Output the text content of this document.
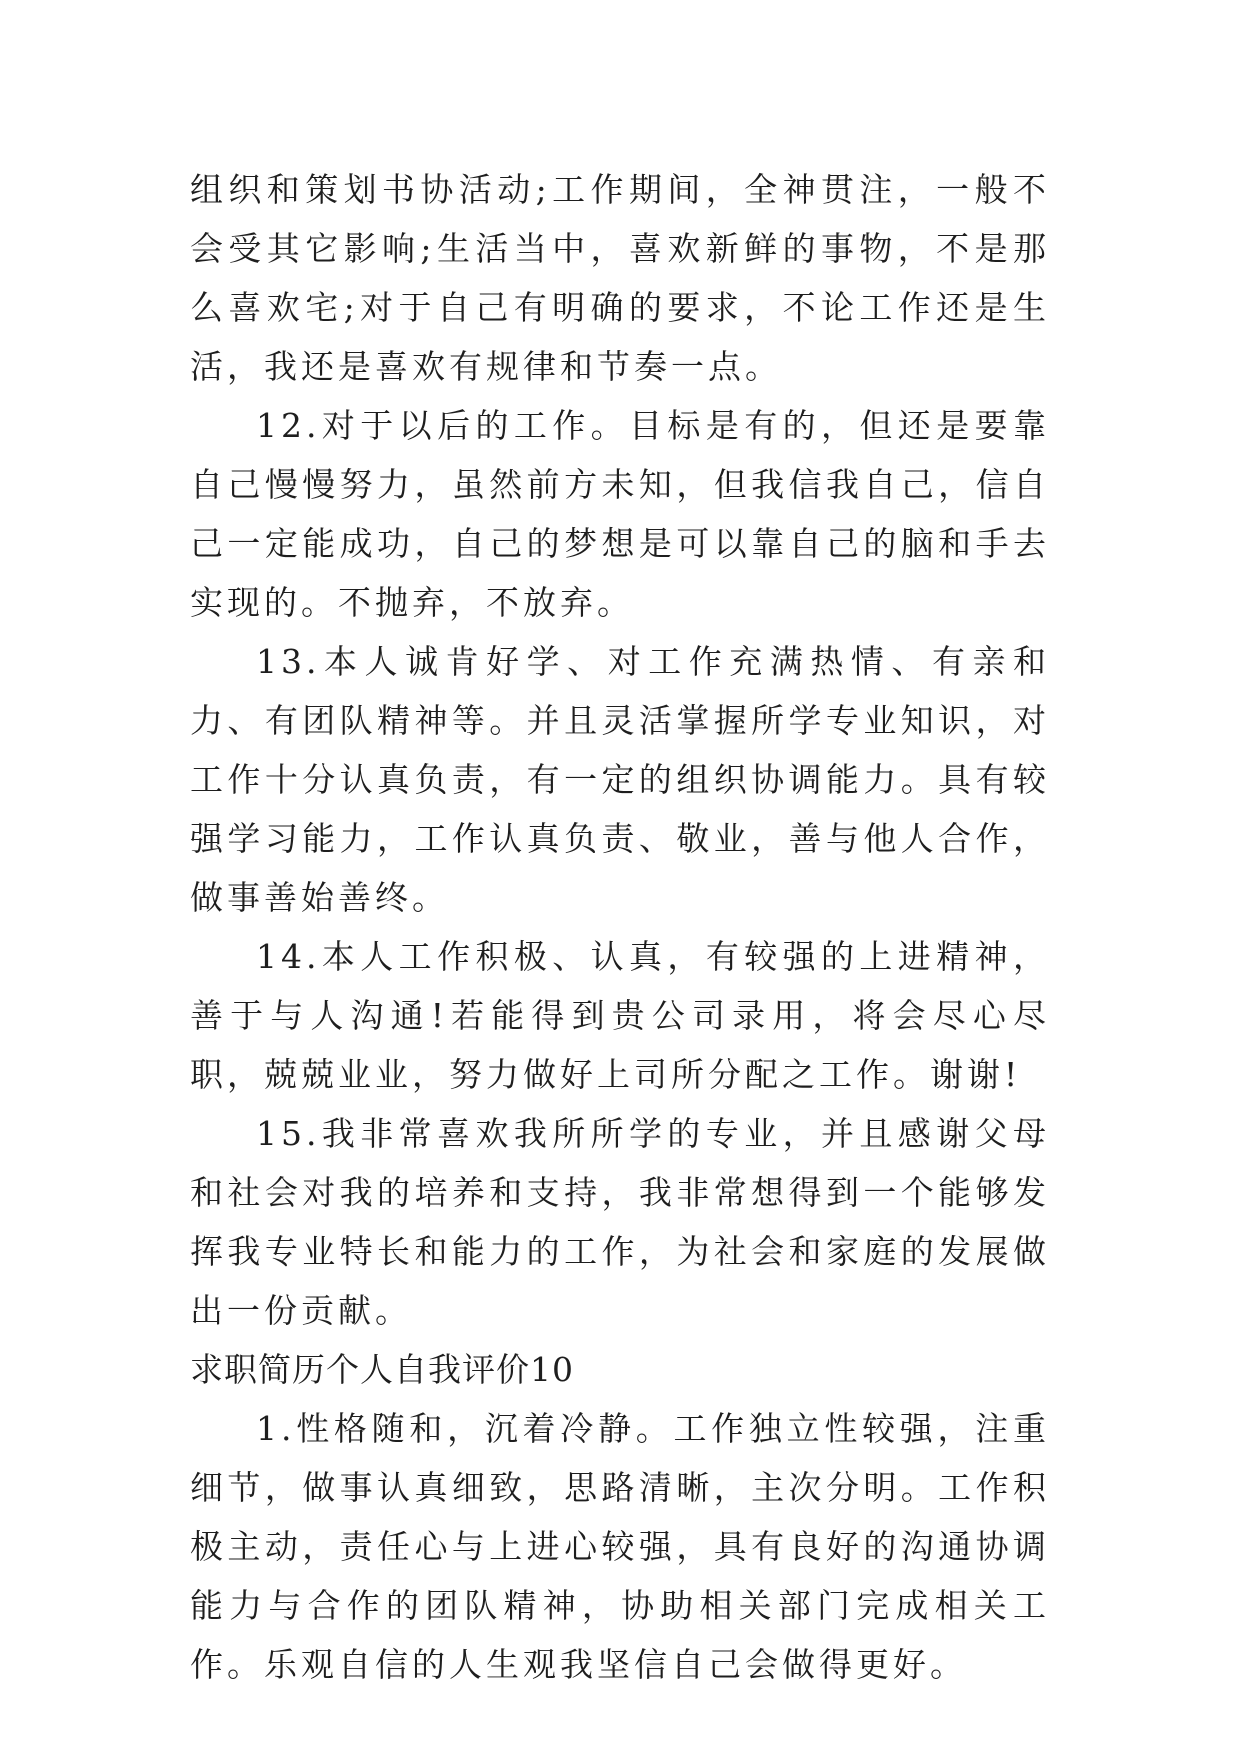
组织和策划书协活动;工作期间，全神贯注，一般不会受其它影响;生活当中，喜欢新鲜的事物，不是那么喜欢宅;对于自己有明确的要求，不论工作还是生活，我还是喜欢有规律和节奏一点。

12.对于以后的工作。目标是有的，但还是要靠自己慢慢努力，虽然前方未知，但我信我自己，信自己一定能成功，自己的梦想是可以靠自己的脑和手去实现的。不抛弃，不放弃。

13.本人诚肯好学、对工作充满热情、有亲和力、有团队精神等。并且灵活掌握所学专业知识，对工作十分认真负责，有一定的组织协调能力。具有较强学习能力，工作认真负责、敬业，善与他人合作，做事善始善终。

14.本人工作积极、认真，有较强的上进精神，善于与人沟通!若能得到贵公司录用，将会尽心尽职，兢兢业业，努力做好上司所分配之工作。谢谢!

15.我非常喜欢我所所学的专业，并且感谢父母和社会对我的培养和支持，我非常想得到一个能够发挥我专业特长和能力的工作，为社会和家庭的发展做出一份贡献。

求职简历个人自我评价10

1.性格随和，沉着冷静。工作独立性较强，注重细节，做事认真细致，思路清晰，主次分明。工作积极主动，责任心与上进心较强，具有良好的沟通协调能力与合作的团队精神，协助相关部门完成相关工作。乐观自信的人生观我坚信自己会做得更好。
